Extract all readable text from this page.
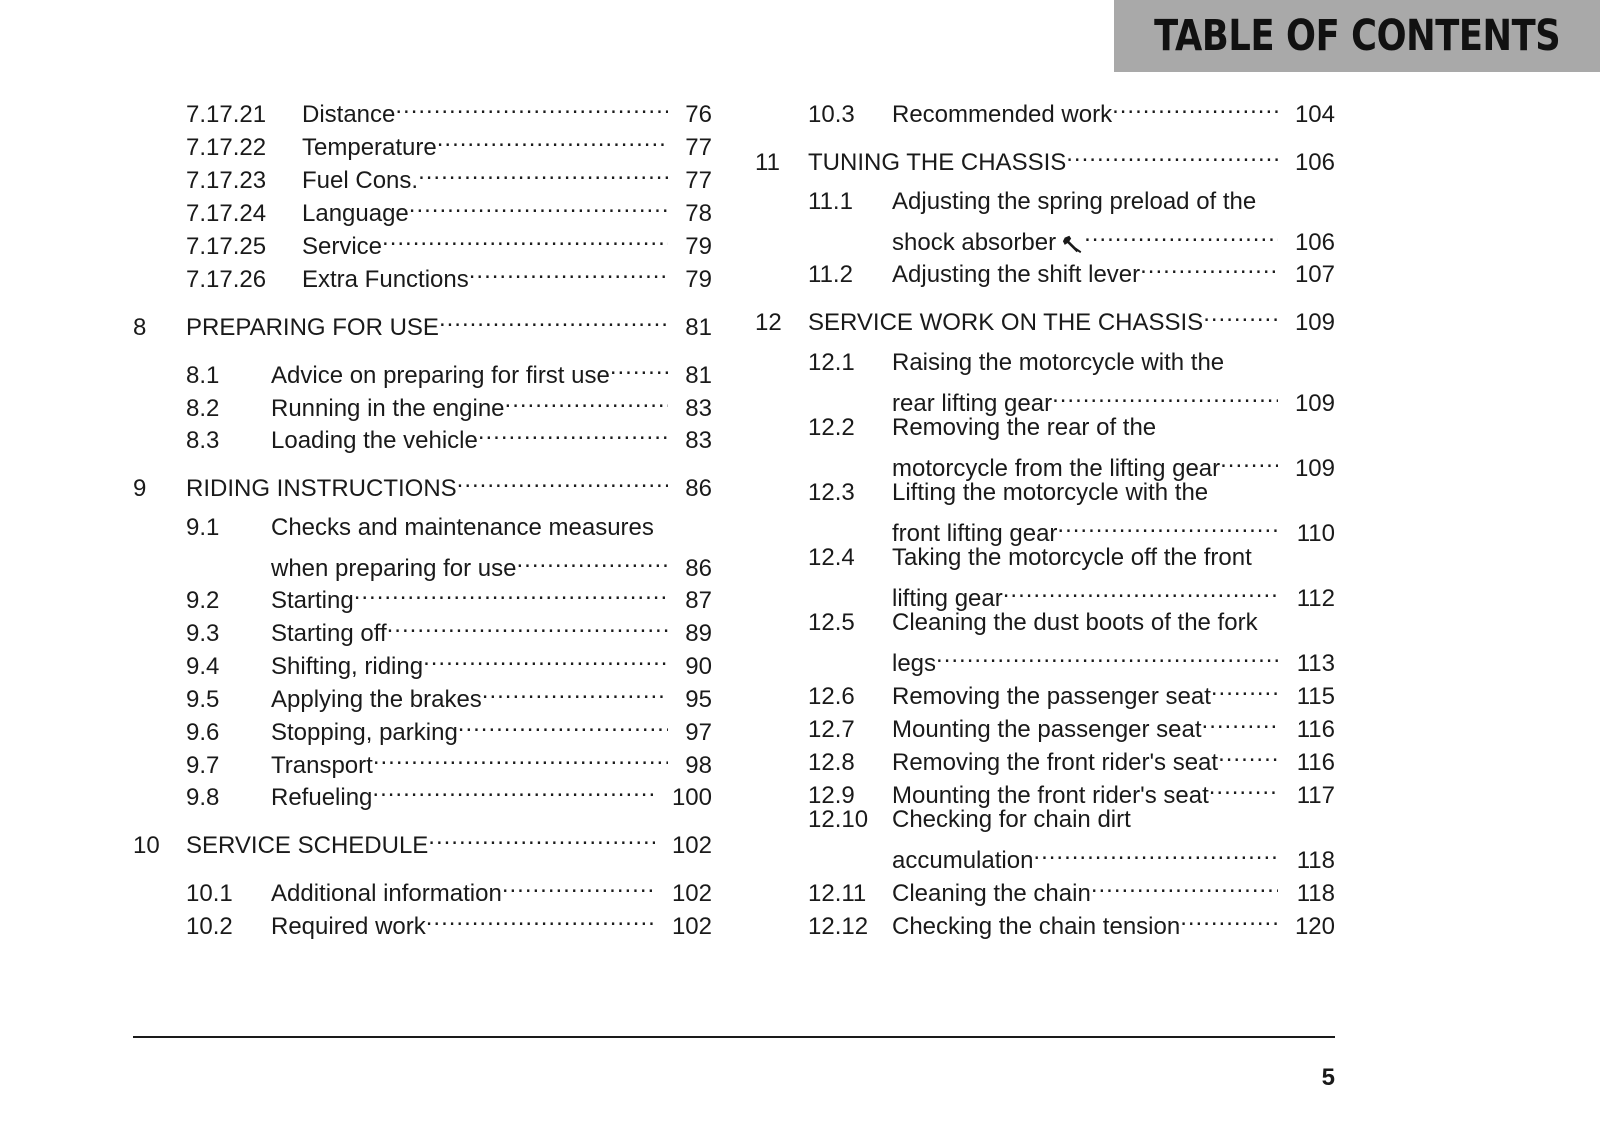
TABLE OF CONTENTS
7.17.21	Distance .....	76
7.17.22	Temperature .....	77
7.17.23	Fuel Cons. .....	77
7.17.24	Language .....	78
7.17.25	Service .....	79
7.17.26	Extra Functions .....	79
8	PREPARING FOR USE .....	81
8.1	Advice on preparing for first use .....	81
8.2	Running in the engine .....	83
8.3	Loading the vehicle .....	83
9	RIDING INSTRUCTIONS .....	86
9.1	Checks and maintenance measures
when preparing for use .....	86
9.2	Starting .....	87
9.3	Starting off .....	89
9.4	Shifting, riding .....	90
9.5	Applying the brakes .....	95
9.6	Stopping, parking .....	97
9.7	Transport .....	98
9.8	Refueling .....	100
10	SERVICE SCHEDULE .....	102
10.1	Additional information .....	102
10.2	Required work .....	102
10.3	Recommended work .....	104
11	TUNING THE CHASSIS .....	106
11.1	Adjusting the spring preload of the
shock absorber .....	106
11.2	Adjusting the shift lever .....	107
12	SERVICE WORK ON THE CHASSIS .....	109
12.1	Raising the motorcycle with the
rear lifting gear .....	109
12.2	Removing the rear of the
motorcycle from the lifting gear .....	109
12.3	Lifting the motorcycle with the
front lifting gear .....	110
12.4	Taking the motorcycle off the front
lifting gear .....	112
12.5	Cleaning the dust boots of the fork
legs .....	113
12.6	Removing the passenger seat .....	115
12.7	Mounting the passenger seat .....	116
12.8	Removing the front rider's seat .....	116
12.9	Mounting the front rider's seat .....	117
12.10 Checking for chain dirt
accumulation .....	118
12.11	Cleaning the chain .....	118
12.12 Checking the chain tension .....	120
5
